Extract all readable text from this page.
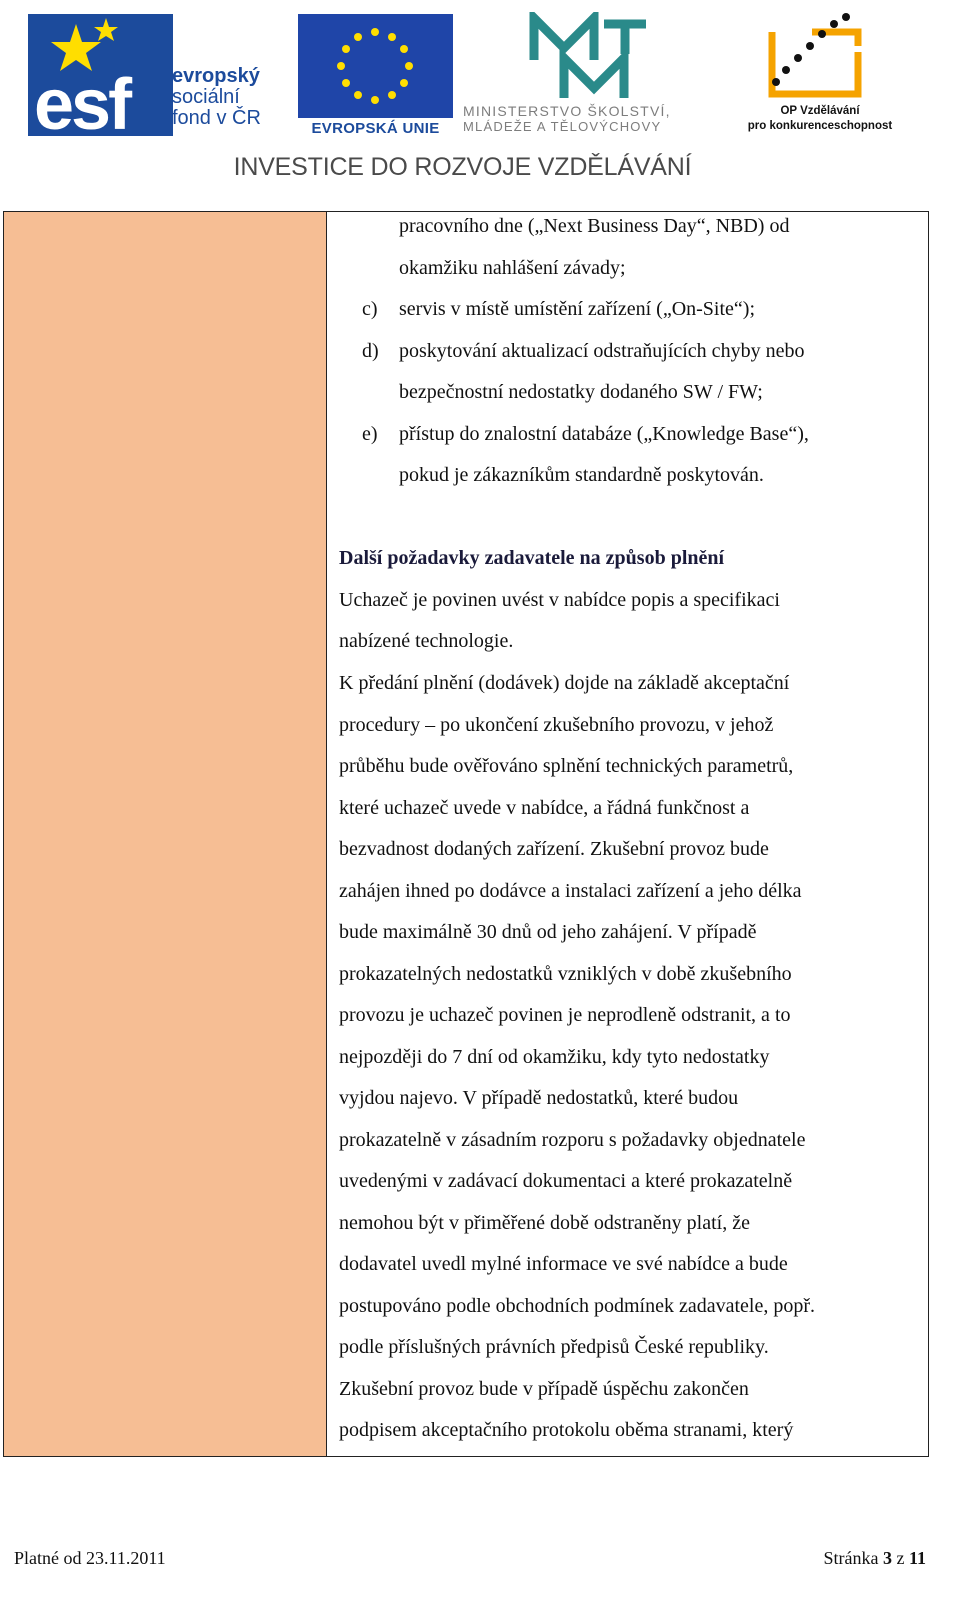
esf evropský
sociální
fond v ČR	EVROPSKÁ UNIE
MINISTERSTVO ŠKOLSTVÍ,
MLÁDEŽE A TĚLOVÝCHOVY
OP Vzdělávání
pro konkurenceschopnost
INVESTICE DO ROZVOJE VZDĚLÁVÁNÍ
pracovního dne („Next Business Day“, NBD) od
okamžiku nahlášení závady;
c) servis v místě umístění zařízení („On-Site“);
d) poskytování aktualizací odstraňujících chyby nebo
bezpečnostní nedostatky dodaného SW / FW;
e) přístup do znalostní databáze („Knowledge Base“),
pokud je zákazníkům standardně poskytován.
Další požadavky zadavatele na způsob plnění
Uchazeč je povinen uvést v nabídce popis a specifikaci
nabízené technologie.
K předání plnění (dodávek) dojde na základě akceptační
procedury – po ukončení zkušebního provozu, v jehož
průběhu bude ověřováno splnění technických parametrů,
které uchazeč uvede v nabídce, a řádná funkčnost a
bezvadnost dodaných zařízení. Zkušební provoz bude
zahájen ihned po dodávce a instalaci zařízení a jeho délka
bude maximálně 30 dnů od jeho zahájení. V případě
prokazatelných nedostatků vzniklých v době zkušebního
provozu je uchazeč povinen je neprodleně odstranit, a to
nejpozději do 7 dní od okamžiku, kdy tyto nedostatky
vyjdou najevo. V případě nedostatků, které budou
prokazatelně v zásadním rozporu s požadavky objednatele
uvedenými v zadávací dokumentaci a které prokazatelně
nemohou být v přiměřené době odstraněny platí, že
dodavatel uvedl mylné informace ve své nabídce a bude
postupováno podle obchodních podmínek zadavatele, popř.
podle příslušných právních předpisů České republiky.
Zkušební provoz bude v případě úspěchu zakončen
podpisem akceptačního protokolu oběma stranami, který
Platné od 23.11.2011	Stránka 3 z 11
